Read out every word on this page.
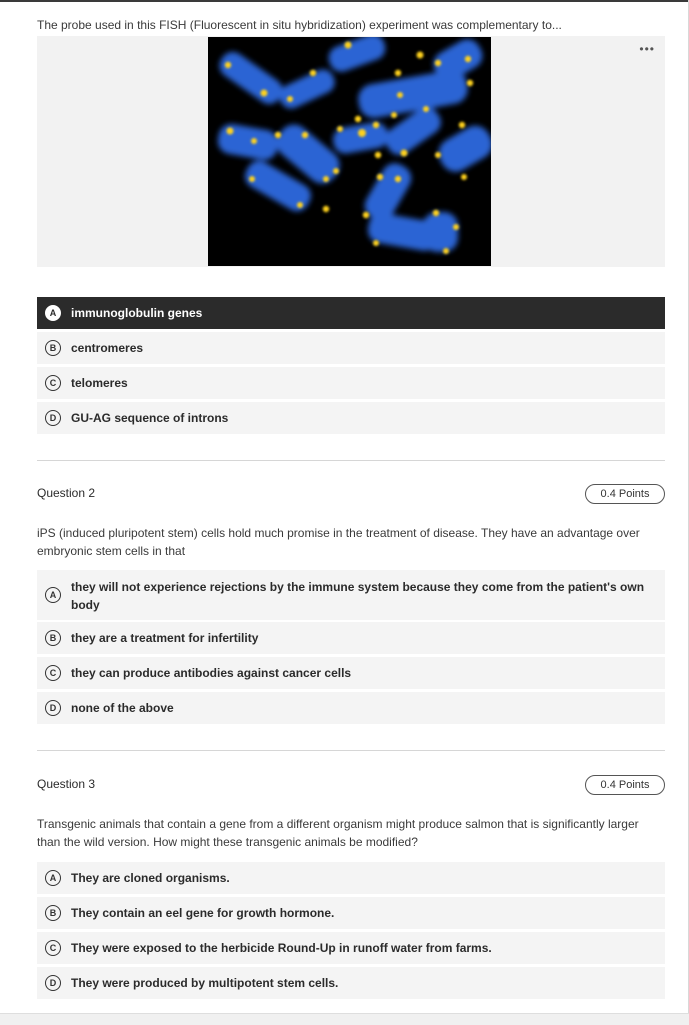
The probe used in this FISH (Fluorescent in situ hybridization) experiment was complementary to...

•••
A	immunoglobulin genes
B	centromeres
C	telomeres
D	GU-AG sequence of introns
Question 2	0.4 Points

iPS (induced pluripotent stem) cells hold much promise in the treatment of disease. They have an advantage over embryonic stem cells in that

A
they will not experience rejections by the immune system because they come from the patient's own body
B	they are a treatment for infertility
C	they can produce antibodies against cancer cells
D	none of the above
Question 3	0.4 Points

Transgenic animals that contain a gene from a different organism might produce salmon that is significantly larger than the wild version. How might these transgenic animals be modified?

A	They are cloned organisms.
B	They contain an eel gene for growth hormone.
C	They were exposed to the herbicide Round-Up in runoff water from farms.
D	They were produced by multipotent stem cells.
